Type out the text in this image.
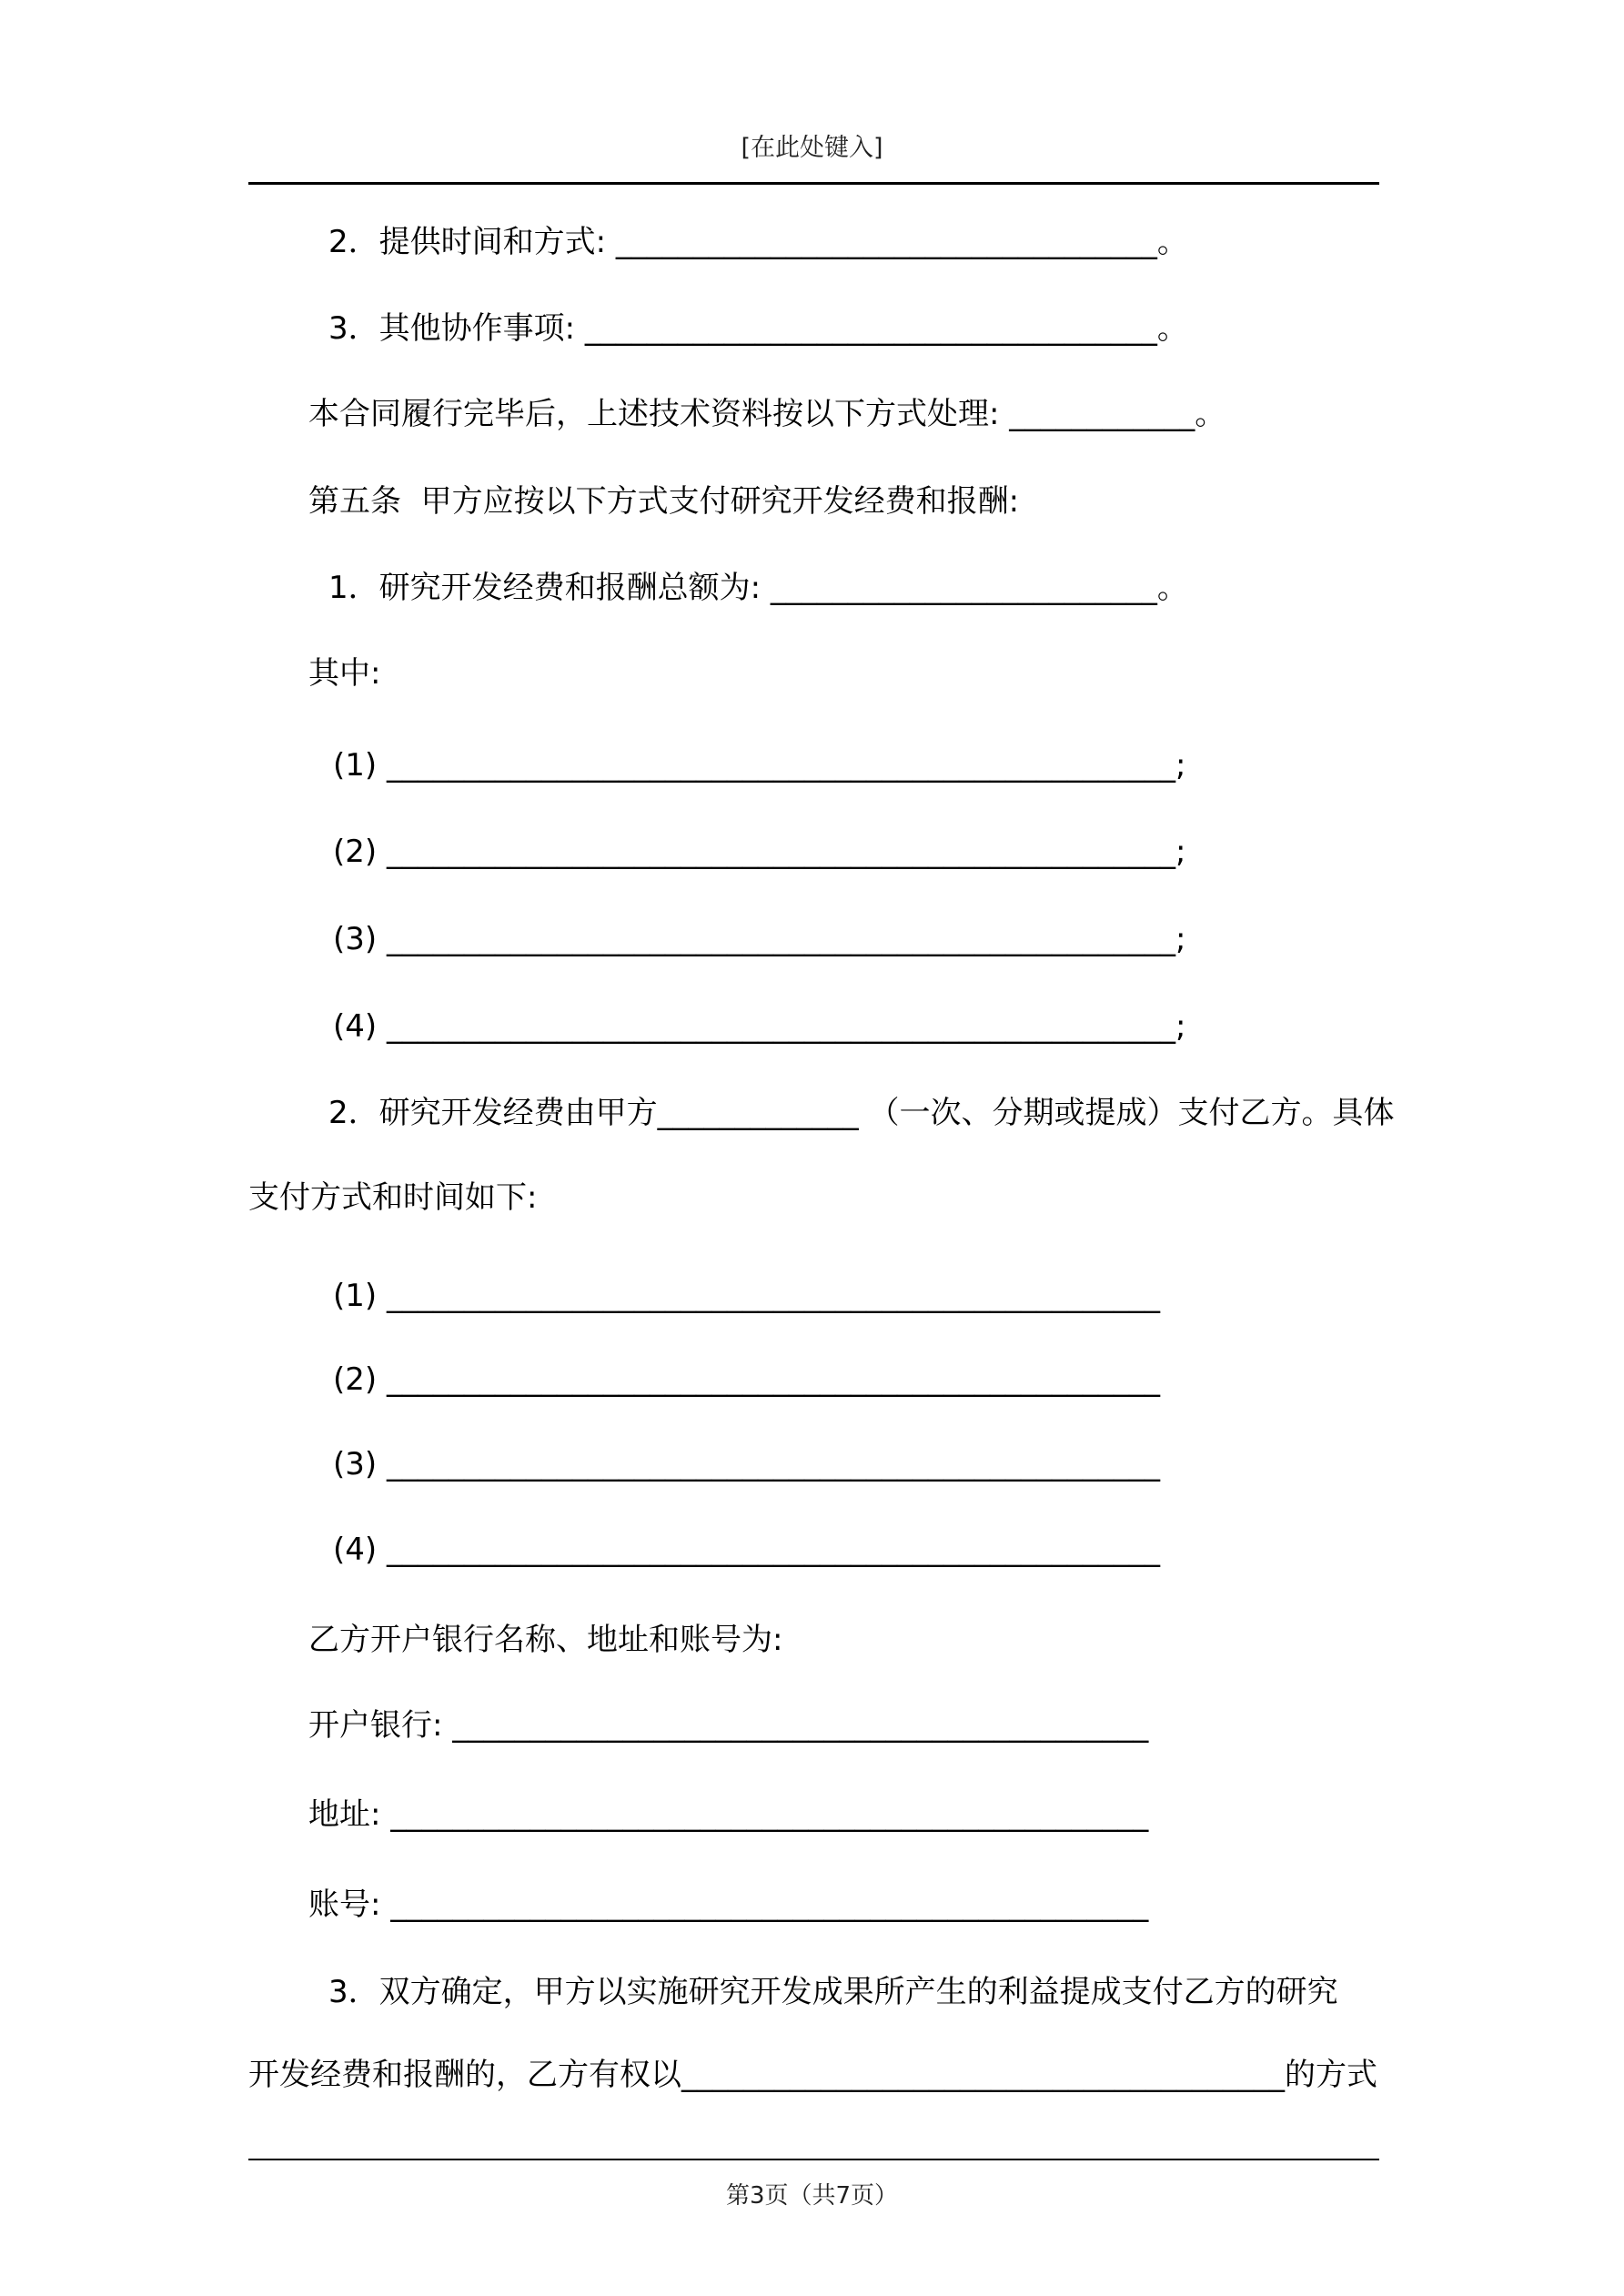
[在此处键入]
2．提供时间和方式: ___________________________________。
3．其他协作事项: _____________________________________。
本合同履行完毕后，上述技术资料按以下方式处理: ____________。
第五条  甲方应按以下方式支付研究开发经费和报酬:
1．研究开发经费和报酬总额为: _________________________。
其中:
(1) ___________________________________________________;
(2) ___________________________________________________;
(3) ___________________________________________________;
(4) ___________________________________________________;
2．研究开发经费由甲方_____________ （一次、分期或提成）支付乙方。具体
支付方式和时间如下:
(1) __________________________________________________
(2) __________________________________________________
(3) __________________________________________________
(4) __________________________________________________
乙方开户银行名称、地址和账号为:
开户银行: _____________________________________________
地址: _________________________________________________
账号: _________________________________________________
3．双方确定，甲方以实施研究开发成果所产生的利益提成支付乙方的研究
开发经费和报酬的，乙方有权以_______________________________________的方式
第3页（共7页）
